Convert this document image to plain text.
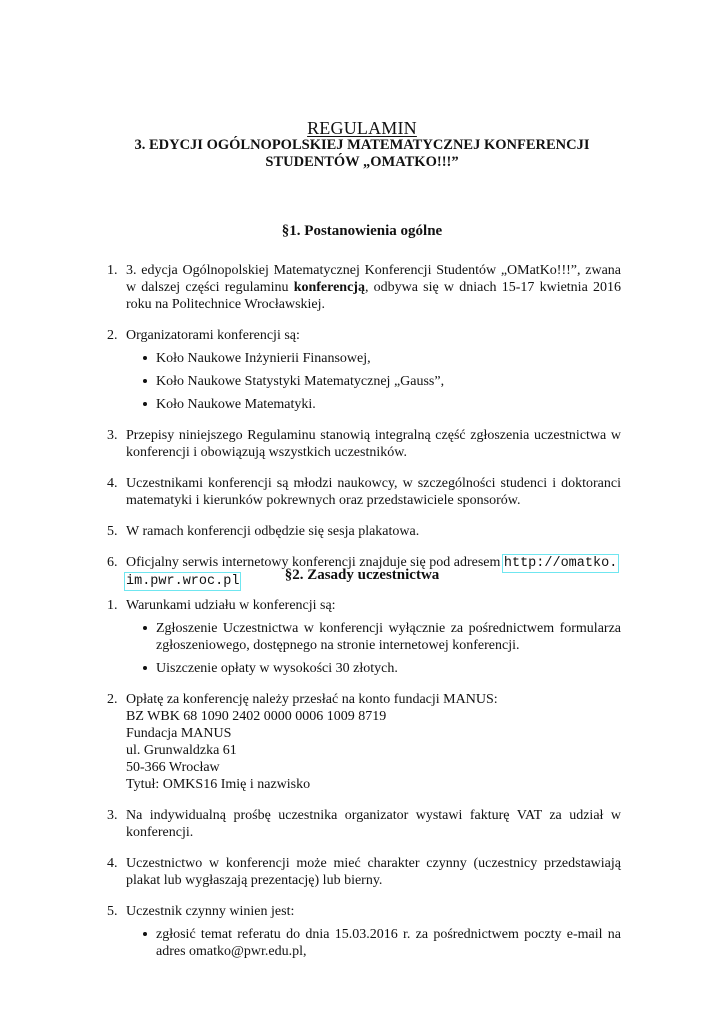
REGULAMIN
3. EDYCJI OGÓLNOPOLSKIEJ MATEMATYCZNEJ KONFERENCJI
STUDENTÓW „OMATKO!!!”
§1. Postanowienia ogólne
1. 3. edycja Ogólnopolskiej Matematycznej Konferencji Studentów „OMatKo!!!”, zwana w dalszej części regulaminu konferencją, odbywa się w dniach 15-17 kwietnia 2016 roku na Politechnice Wrocławskiej.
2. Organizatorami konferencji są:
Koło Naukowe Inżynierii Finansowej,
Koło Naukowe Statystyki Matematycznej „Gauss”,
Koło Naukowe Matematyki.
3. Przepisy niniejszego Regulaminu stanowią integralną część zgłoszenia uczestnictwa w konferencji i obowiązują wszystkich uczestników.
4. Uczestnikami konferencji są młodzi naukowcy, w szczególności studenci i doktoranci matematyki i kierunków pokrewnych oraz przedstawiciele sponsorów.
5. W ramach konferencji odbędzie się sesja plakatowa.
6. Oficjalny serwis internetowy konferencji znajduje się pod adresem http://omatko.
im.pwr.wroc.pl	§2. Zasady uczestnictwa
1. Warunkami udziału w konferencji są:
Zgłoszenie Uczestnictwa w konferencji wyłącznie za pośrednictwem formularza zgłoszeniowego, dostępnego na stronie internetowej konferencji.
Uiszczenie opłaty w wysokości 30 złotych.
2. Opłatę za konferencję należy przesłać na konto fundacji MANUS:
BZ WBK 68 1090 2402 0000 0006 1009 8719
Fundacja MANUS
ul. Grunwaldzka 61
50-366 Wrocław
Tytuł: OMKS16 Imię i nazwisko
3. Na indywidualną prośbę uczestnika organizator wystawi fakturę VAT za udział w konferencji.
4. Uczestnictwo w konferencji może mieć charakter czynny (uczestnicy przedstawiają plakat lub wygłaszają prezentację) lub bierny.
5. Uczestnik czynny winien jest:
zgłosić temat referatu do dnia 15.03.2016 r. za pośrednictwem poczty e-mail na adres omatko@pwr.edu.pl,
